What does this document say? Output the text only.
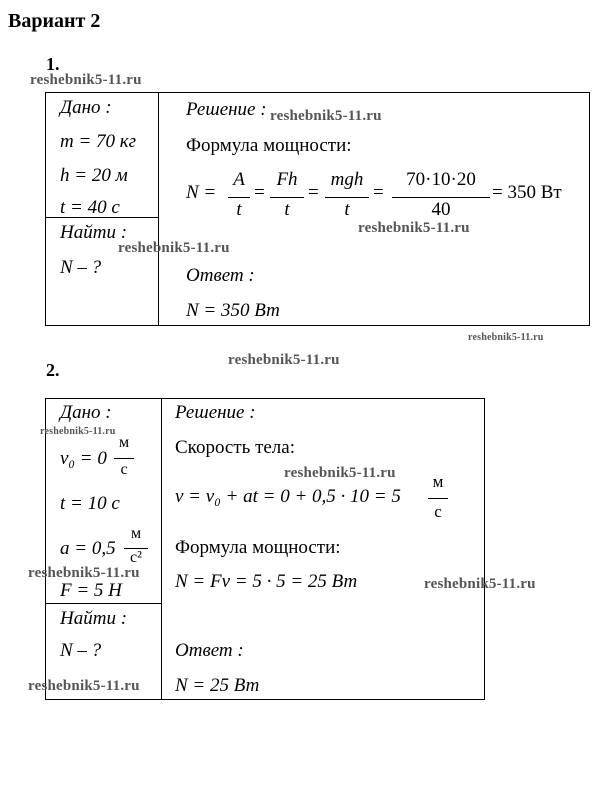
Вариант 2
1.
Дано :
m = 70 кг
h = 20 м
t = 40 с
Найти :
N – ?
Решение :
Формула мощности:
N =
A
t
=
Fh
t
=
mgh
t
=
70·10·20
40
= 350 Вт
Ответ :
N = 350 Вт
2.
Дано :
v₀ = 0
м
с
t = 10 с
a = 0,5
м
с²
F = 5 Н
Найти :
N – ?
Решение :
Скорость тела:
v = v₀ + at = 0 + 0,5 · 10 = 5
м
с
Формула мощности:
N = Fv = 5 · 5 = 25 Вт
Ответ :
N = 25 Вт
reshebnik5-11.ru
reshebnik5-11.ru
reshebnik5-11.ru
reshebnik5-11.ru
reshebnik5-11.ru
reshebnik5-11.ru
reshebnik5-11.ru
reshebnik5-11.ru
reshebnik5-11.ru
reshebnik5-11.ru
reshebnik5-11.ru
